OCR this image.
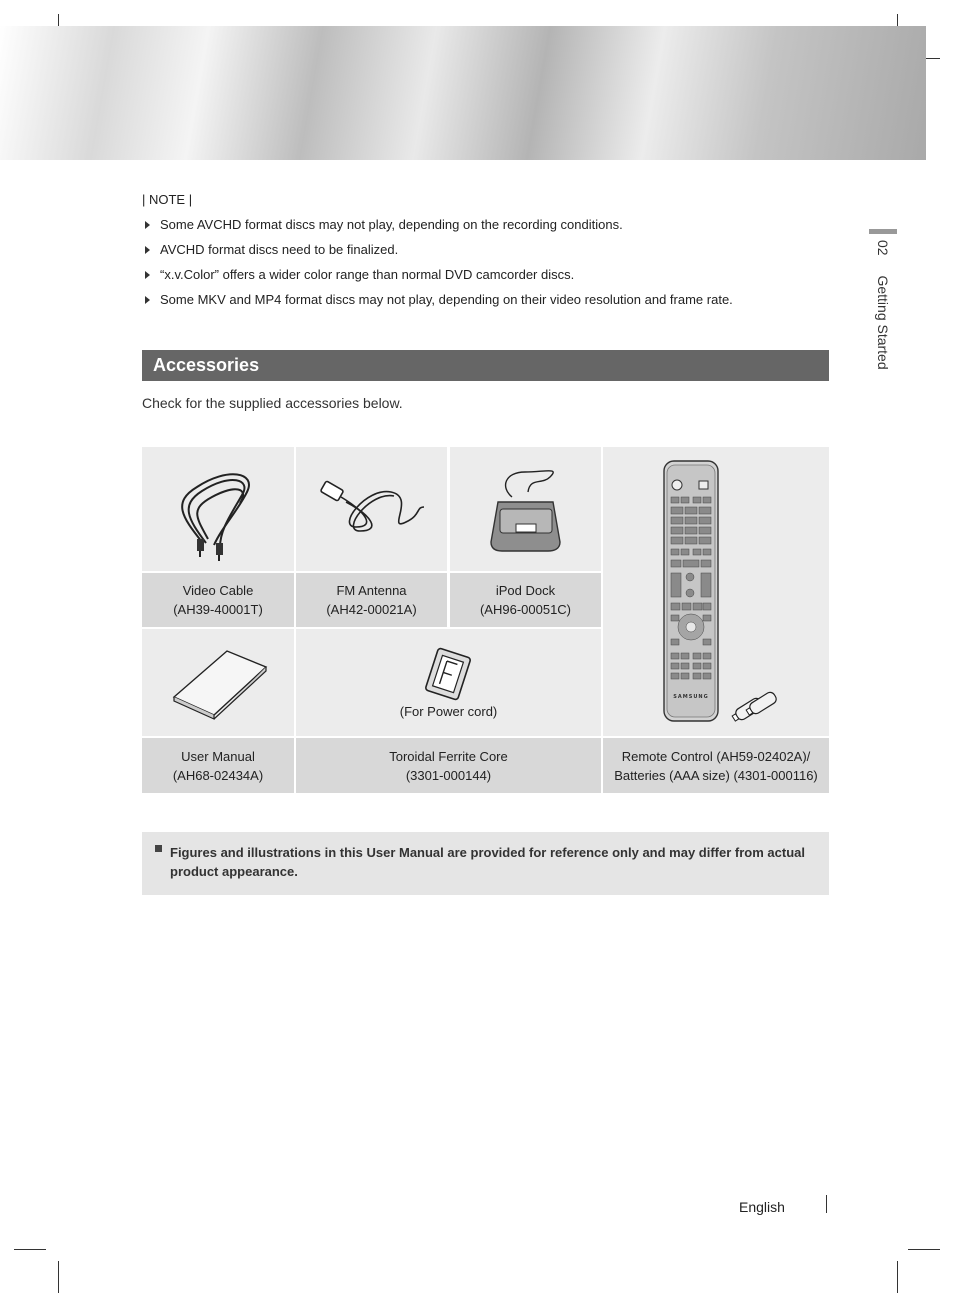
| NOTE |
Some AVCHD format discs may not play, depending on the recording conditions.
AVCHD format discs need to be finalized.
“x.v.Color” offers a wider color range than normal DVD camcorder discs.
Some MKV and MP4 format discs may not play, depending on their video resolution and frame rate.
Accessories
Check for the supplied accessories below.
(For Power cord)
SAMSUNG
Video Cable
(AH39-40001T)
FM Antenna
(AH42-00021A)
iPod Dock
(AH96-00051C)
User Manual
(AH68-02434A)
Toroidal Ferrite Core
(3301-000144)
Remote Control (AH59-02402A)/
Batteries (AAA size) (4301-000116)
Figures and illustrations in this User Manual are provided for reference only and may differ from actual product appearance.
02 Getting Started
English
